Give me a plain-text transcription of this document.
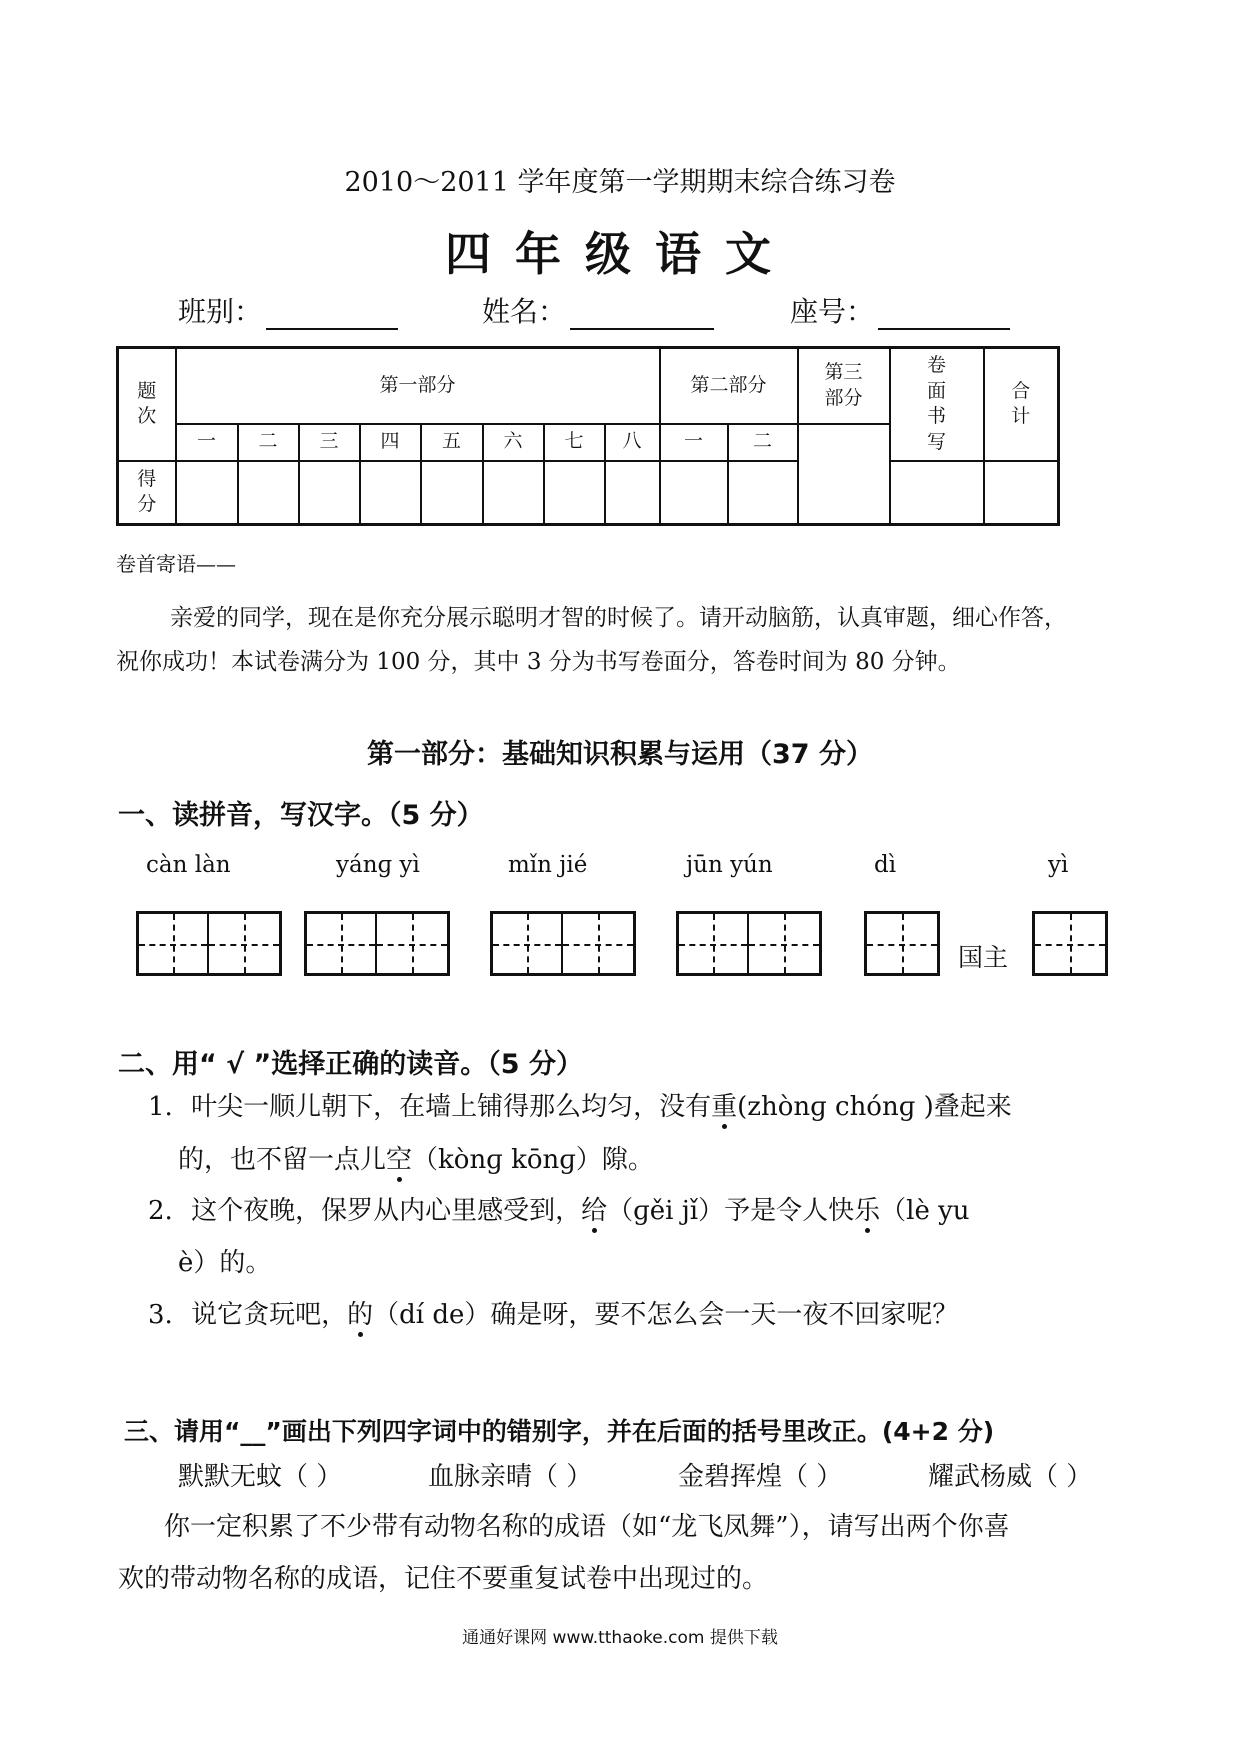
2010～2011 学年度第一学期期末综合练习卷
四年级语文
班别：	姓名：	座号：
题次	第一部分								第二部分		第三部分	卷面书写	合计

	一	二	三	四	五	六	七	八	一	二			

得分													

卷首寄语——
亲爱的同学，现在是你充分展示聪明才智的时候了。请开动脑筋，认真审题，细心作答，
祝你成功！本试卷满分为 100 分，其中 3 分为书写卷面分，答卷时间为 80 分钟。
第一部分：基础知识积累与运用（37 分）
一、读拼音，写汉字。（5 分）
càn làn	yánɡ yì	mǐn jié	jūn yún	dì	yì
国主
二、用“ √ ”选择正确的读音。（5 分）
1. 叶尖一顺儿朝下，在墙上铺得那么均匀，没有重(zhònɡ chónɡ )叠起来
的，也不留一点儿空（kònɡ kōnɡ）隙。
2. 这个夜晚，保罗从内心里感受到，给（ɡěi jǐ）予是令人快乐（lè yu
è）的。
3. 说它贪玩吧，的（dí de）确是呀，要不怎么会一天一夜不回家呢？
三、请用“__”画出下列四字词中的错别字，并在后面的括号里改正。(4+2 分)
默默无蚊（ ）	血脉亲晴（ ）	金碧挥煌（ ）	耀武杨威（ ）
你一定积累了不少带有动物名称的成语（如“龙飞凤舞”），请写出两个你喜
欢的带动物名称的成语，记住不要重复试卷中出现过的。
通通好课网 www.tthaoke.com 提供下载
